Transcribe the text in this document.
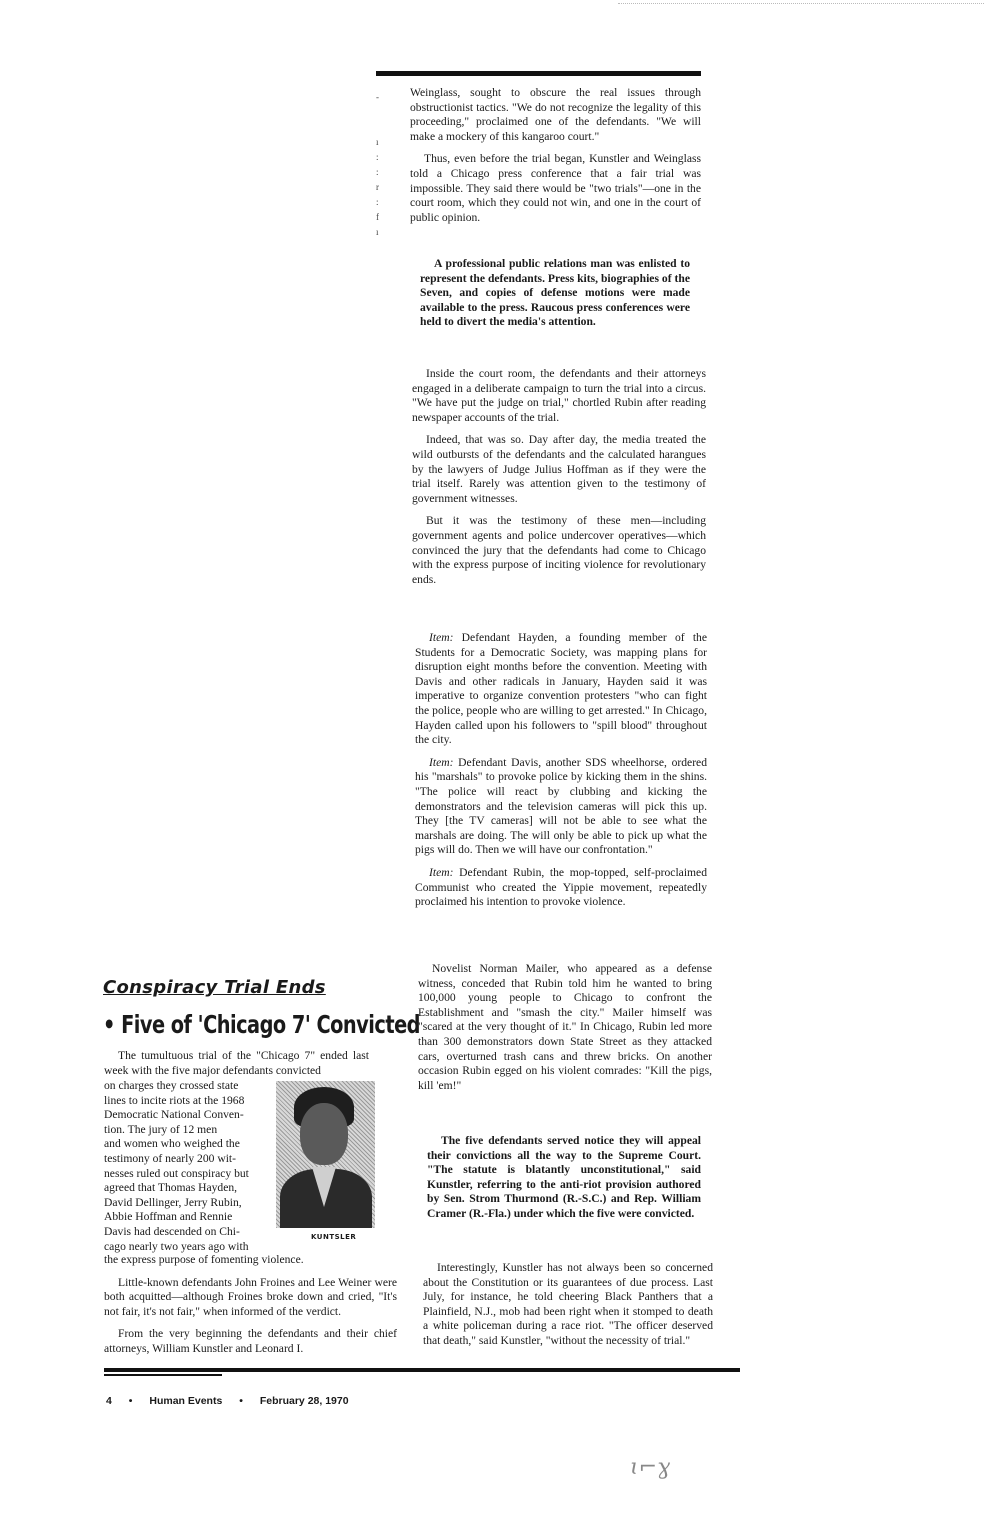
-

ı
:
:
r
:
f
ı

Weinglass, sought to obscure the real issues through obstructionist tactics. "We do not recognize the legality of this proceeding," proclaimed one of the defendants. "We will make a mockery of this kangaroo court."

Thus, even before the trial began, Kunstler and Weinglass told a Chicago press conference that a fair trial was impossible. They said there would be "two trials"—one in the court room, which they could not win, and one in the court of public opinion.

A professional public relations man was enlisted to represent the defendants. Press kits, biographies of the Seven, and copies of defense motions were made available to the press. Raucous press conferences were held to divert the media's attention.

Inside the court room, the defendants and their attorneys engaged in a deliberate campaign to turn the trial into a circus. "We have put the judge on trial," chortled Rubin after reading newspaper accounts of the trial.

Indeed, that was so. Day after day, the media treated the wild outbursts of the defendants and the calculated harangues by the lawyers of Judge Julius Hoffman as if they were the trial itself. Rarely was attention given to the testimony of government witnesses.

But it was the testimony of these men—including government agents and police undercover operatives—which convinced the jury that the defendants had come to Chicago with the express purpose of inciting violence for revolutionary ends.

Item: Defendant Hayden, a founding member of the Students for a Democratic Society, was mapping plans for disruption eight months before the convention. Meeting with Davis and other radicals in January, Hayden said it was imperative to organize convention protesters "who can fight the police, people who are willing to get arrested." In Chicago, Hayden called upon his followers to "spill blood" throughout the city.

Item: Defendant Davis, another SDS wheelhorse, ordered his "marshals" to provoke police by kicking them in the shins. "The police will react by clubbing and kicking the demonstrators and the television cameras will pick this up. They [the TV cameras] will not be able to see what the marshals are doing. The will only be able to pick up what the pigs will do. Then we will have our confrontation."

Item: Defendant Rubin, the mop-topped, self-proclaimed Communist who created the Yippie movement, repeatedly proclaimed his intention to provoke violence.

Novelist Norman Mailer, who appeared as a defense witness, conceded that Rubin told him he wanted to bring 100,000 young people to Chicago to confront the Establishment and "smash the city." Mailer himself was "scared at the very thought of it." In Chicago, Rubin led more than 300 demonstrators down State Street as they attacked cars, overturned trash cans and threw bricks. On another occasion Rubin egged on his violent comrades: "Kill the pigs, kill 'em!"

The five defendants served notice they will appeal their convictions all the way to the Supreme Court. "The statute is blatantly unconstitutional," said Kunstler, referring to the anti-riot provision authored by Sen. Strom Thurmond (R.-S.C.) and Rep. William Cramer (R.-Fla.) under which the five were convicted.

Interestingly, Kunstler has not always been so concerned about the Constitution or its guarantees of due process. Last July, for instance, he told cheering Black Panthers that a Plainfield, N.J., mob had been right when it stomped to death a white policeman during a race riot. "The officer deserved that death," said Kunstler, "without the necessity of trial."

Conspiracy Trial Ends
• Five of 'Chicago 7' Convicted

The tumultuous trial of the "Chicago 7" ended last week with the five major defendants convicted

on charges they crossed state
lines to incite riots at the 1968
Democratic National Conven-
tion. The jury of 12 men
and women who weighed the
testimony of nearly 200 wit-
nesses ruled out conspiracy but
agreed that Thomas Hayden,
David Dellinger, Jerry Rubin,
Abbie Hoffman and Rennie
Davis had descended on Chi-
cago nearly two years ago with
KUNTSLER

the express purpose of fomenting violence.

Little-known defendants John Froines and Lee Weiner were both acquitted—although Froines broke down and cried, "It's not fair, it's not fair," when informed of the verdict.

From the very beginning the defendants and their chief attorneys, William Kunstler and Leonard I.

4 • Human Events • February 28, 1970
ɩ⌐ɣ
